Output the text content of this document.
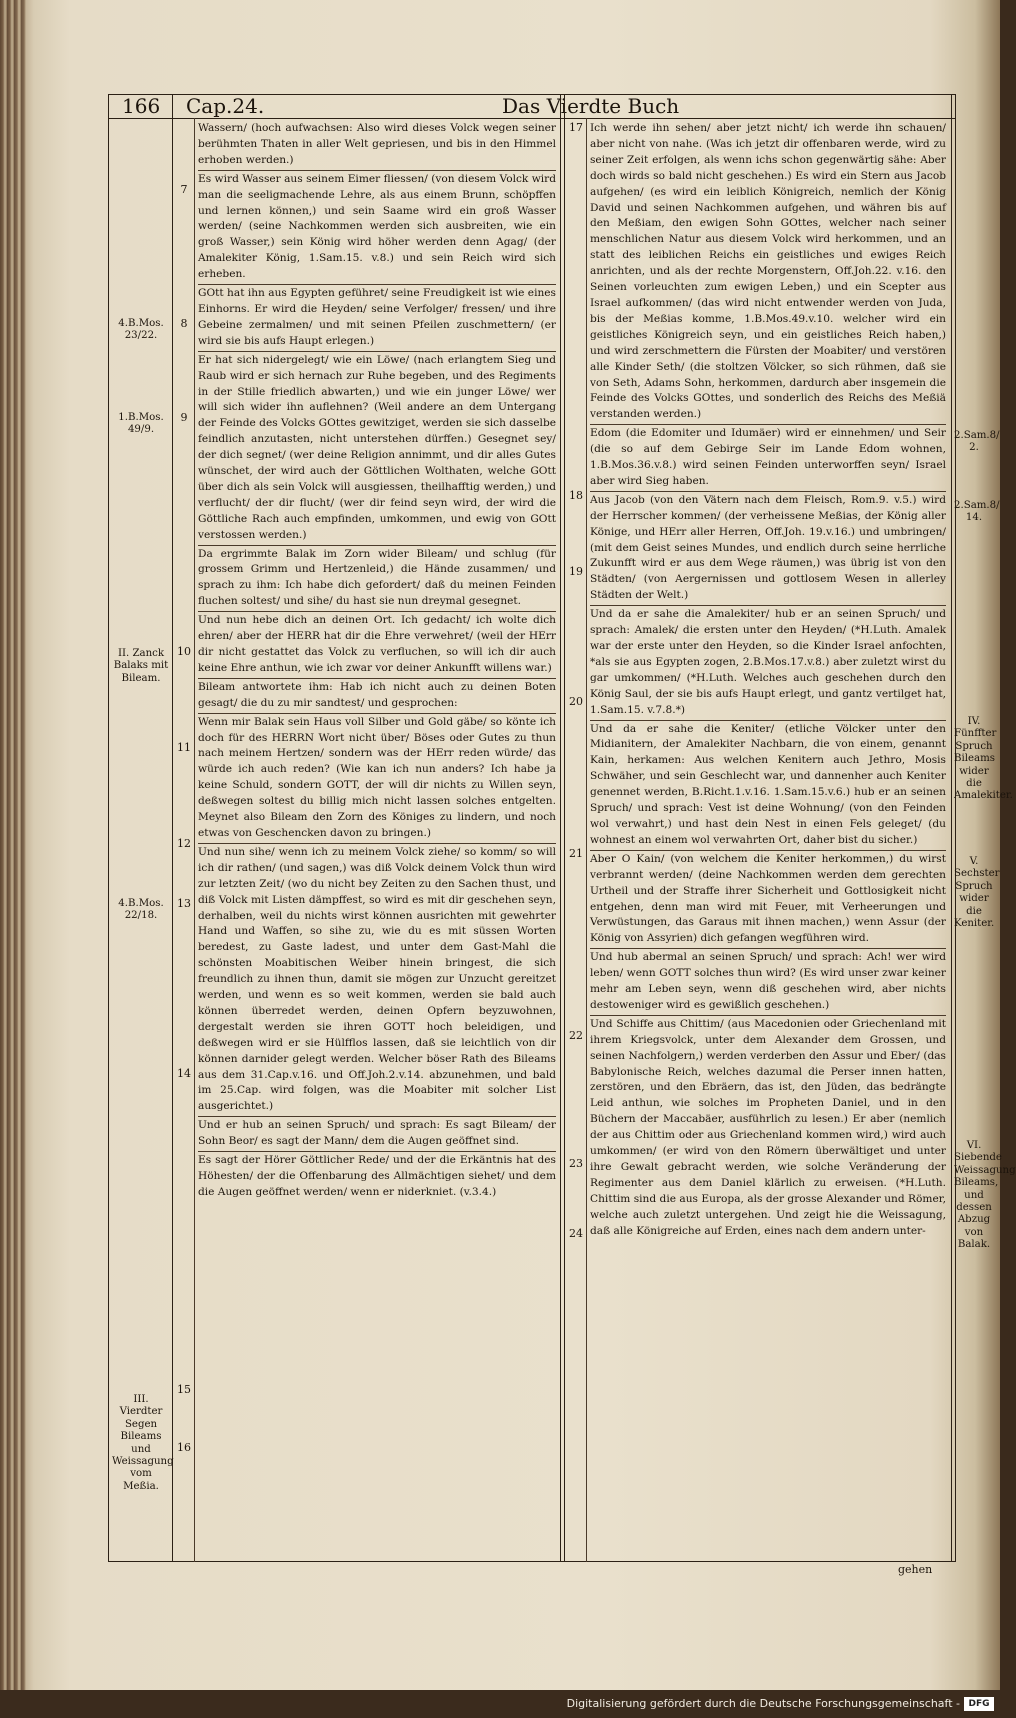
166 Cap.24.	Das Vierdte Buch
4.B.Mos. 23/22.
1.B.Mos. 49/9.
II. Zanck Balaks mit Bileam.
4.B.Mos. 22/18.
III. Vierdter Segen Bileams und Weissagung vom Meßia.
2.Sam.8/ 2.
2.Sam.8/ 14.
IV. Fünffter Spruch Bileams wider die Amalekiter.
V. Sechster Spruch wider die Keniter.
VI. Siebende Weissagung Bileams, und dessen Abzug von Balak.
7
8
9
10
11
12
13
14
15
16
17
18
19
20
21
22
23
24

Wassern/ (hoch aufwachsen: Also wird dieses Volck wegen seiner berühmten Thaten in aller Welt gepriesen, und bis in den Himmel erhoben werden.)

Es wird Wasser aus seinem Eimer fliessen/ (von diesem Volck wird man die seeligmachende Lehre, als aus einem Brunn, schöpffen und lernen können,) und sein Saame wird ein groß Wasser werden/ (seine Nachkommen werden sich ausbreiten, wie ein groß Wasser,) sein König wird höher werden denn Agag/ (der Amalekiter König, 1.Sam.15. v.8.) und sein Reich wird sich erheben.

GOtt hat ihn aus Egypten geführet/ seine Freudigkeit ist wie eines Einhorns. Er wird die Heyden/ seine Verfolger/ fressen/ und ihre Gebeine zermalmen/ und mit seinen Pfeilen zuschmettern/ (er wird sie bis aufs Haupt erlegen.)

Er hat sich nidergelegt/ wie ein Löwe/ (nach erlangtem Sieg und Raub wird er sich hernach zur Ruhe begeben, und des Regiments in der Stille friedlich abwarten,) und wie ein junger Löwe/ wer will sich wider ihn auflehnen? (Weil andere an dem Untergang der Feinde des Volcks GOttes gewitziget, werden sie sich dasselbe feindlich anzutasten, nicht unterstehen dürffen.) Gesegnet sey/ der dich segnet/ (wer deine Religion annimmt, und dir alles Gutes wünschet, der wird auch der Göttlichen Wolthaten, welche GOtt über dich als sein Volck will ausgiessen, theilhafftig werden,) und verflucht/ der dir flucht/ (wer dir feind seyn wird, der wird die Göttliche Rach auch empfinden, umkommen, und ewig von GOtt verstossen werden.)

Da ergrimmte Balak im Zorn wider Bileam/ und schlug (für grossem Grimm und Hertzenleid,) die Hände zusammen/ und sprach zu ihm: Ich habe dich gefordert/ daß du meinen Feinden fluchen soltest/ und sihe/ du hast sie nun dreymal gesegnet.

Und nun hebe dich an deinen Ort. Ich gedacht/ ich wolte dich ehren/ aber der HERR hat dir die Ehre verwehret/ (weil der HErr dir nicht gestattet das Volck zu verfluchen, so will ich dir auch keine Ehre anthun, wie ich zwar vor deiner Ankunfft willens war.)

Bileam antwortete ihm: Hab ich nicht auch zu deinen Boten gesagt/ die du zu mir sandtest/ und gesprochen:

Wenn mir Balak sein Haus voll Silber und Gold gäbe/ so könte ich doch für des HERRN Wort nicht über/ Böses oder Gutes zu thun nach meinem Hertzen/ sondern was der HErr reden würde/ das würde ich auch reden? (Wie kan ich nun anders? Ich habe ja keine Schuld, sondern GOTT, der will dir nichts zu Willen seyn, deßwegen soltest du billig mich nicht lassen solches entgelten. Meynet also Bileam den Zorn des Königes zu lindern, und noch etwas von Geschencken davon zu bringen.)

Und nun sihe/ wenn ich zu meinem Volck ziehe/ so komm/ so will ich dir rathen/ (und sagen,) was diß Volck deinem Volck thun wird zur letzten Zeit/ (wo du nicht bey Zeiten zu den Sachen thust, und diß Volck mit Listen dämpffest, so wird es mit dir geschehen seyn, derhalben, weil du nichts wirst können ausrichten mit gewehrter Hand und Waffen, so sihe zu, wie du es mit süssen Worten beredest, zu Gaste ladest, und unter dem Gast-Mahl die schönsten Moabitischen Weiber hinein bringest, die sich freundlich zu ihnen thun, damit sie mögen zur Unzucht gereitzet werden, und wenn es so weit kommen, werden sie bald auch können überredet werden, deinen Opfern beyzuwohnen, dergestalt werden sie ihren GOTT hoch beleidigen, und deßwegen wird er sie Hülfflos lassen, daß sie leichtlich von dir können darnider gelegt werden. Welcher böser Rath des Bileams aus dem 31.Cap.v.16. und Off.Joh.2.v.14. abzunehmen, und bald im 25.Cap. wird folgen, was die Moabiter mit solcher List ausgerichtet.)

Und er hub an seinen Spruch/ und sprach: Es sagt Bileam/ der Sohn Beor/ es sagt der Mann/ dem die Augen geöffnet sind.

Es sagt der Hörer Göttlicher Rede/ und der die Erkäntnis hat des Höhesten/ der die Offenbarung des Allmächtigen siehet/ und dem die Augen geöffnet werden/ wenn er niderkniet. (v.3.4.)

Ich werde ihn sehen/ aber jetzt nicht/ ich werde ihn schauen/ aber nicht von nahe. (Was ich jetzt dir offenbaren werde, wird zu seiner Zeit erfolgen, als wenn ichs schon gegenwärtig sähe: Aber doch wirds so bald nicht geschehen.) Es wird ein Stern aus Jacob aufgehen/ (es wird ein leiblich Königreich, nemlich der König David und seinen Nachkommen aufgehen, und währen bis auf den Meßiam, den ewigen Sohn GOttes, welcher nach seiner menschlichen Natur aus diesem Volck wird herkommen, und an statt des leiblichen Reichs ein geistliches und ewiges Reich anrichten, und als der rechte Morgenstern, Off.Joh.22. v.16. den Seinen vorleuchten zum ewigen Leben,) und ein Scepter aus Israel aufkommen/ (das wird nicht entwender werden von Juda, bis der Meßias komme, 1.B.Mos.49.v.10. welcher wird ein geistliches Königreich seyn, und ein geistliches Reich haben,) und wird zerschmettern die Fürsten der Moabiter/ und verstören alle Kinder Seth/ (die stoltzen Völcker, so sich rühmen, daß sie von Seth, Adams Sohn, herkommen, dardurch aber insgemein die Feinde des Volcks GOttes, und sonderlich des Reichs des Meßiä verstanden werden.)

Edom (die Edomiter und Idumäer) wird er einnehmen/ und Seir (die so auf dem Gebirge Seir im Lande Edom wohnen, 1.B.Mos.36.v.8.) wird seinen Feinden unterworffen seyn/ Israel aber wird Sieg haben.

Aus Jacob (von den Vätern nach dem Fleisch, Rom.9. v.5.) wird der Herrscher kommen/ (der verheissene Meßias, der König aller Könige, und HErr aller Herren, Off.Joh. 19.v.16.) und umbringen/ (mit dem Geist seines Mundes, und endlich durch seine herrliche Zukunfft wird er aus dem Wege räumen,) was übrig ist von den Städten/ (von Aergernissen und gottlosem Wesen in allerley Städten der Welt.)

Und da er sahe die Amalekiter/ hub er an seinen Spruch/ und sprach: Amalek/ die ersten unter den Heyden/ (*H.Luth. Amalek war der erste unter den Heyden, so die Kinder Israel anfochten, *als sie aus Egypten zogen, 2.B.Mos.17.v.8.) aber zuletzt wirst du gar umkommen/ (*H.Luth. Welches auch geschehen durch den König Saul, der sie bis aufs Haupt erlegt, und gantz vertilget hat, 1.Sam.15. v.7.8.*)

Und da er sahe die Keniter/ (etliche Völcker unter den Midianitern, der Amalekiter Nachbarn, die von einem, genannt Kain, herkamen: Aus welchen Kenitern auch Jethro, Mosis Schwäher, und sein Geschlecht war, und dannenher auch Keniter genennet werden, B.Richt.1.v.16. 1.Sam.15.v.6.) hub er an seinen Spruch/ und sprach: Vest ist deine Wohnung/ (von den Feinden wol verwahrt,) und hast dein Nest in einen Fels geleget/ (du wohnest an einem wol verwahrten Ort, daher bist du sicher.)

Aber O Kain/ (von welchem die Keniter herkommen,) du wirst verbrannt werden/ (deine Nachkommen werden dem gerechten Urtheil und der Straffe ihrer Sicherheit und Gottlosigkeit nicht entgehen, denn man wird mit Feuer, mit Verheerungen und Verwüstungen, das Garaus mit ihnen machen,) wenn Assur (der König von Assyrien) dich gefangen wegführen wird.

Und hub abermal an seinen Spruch/ und sprach: Ach! wer wird leben/ wenn GOTT solches thun wird? (Es wird unser zwar keiner mehr am Leben seyn, wenn diß geschehen wird, aber nichts destoweniger wird es gewißlich geschehen.)

Und Schiffe aus Chittim/ (aus Macedonien oder Griechenland mit ihrem Kriegsvolck, unter dem Alexander dem Grossen, und seinen Nachfolgern,) werden verderben den Assur und Eber/ (das Babylonische Reich, welches dazumal die Perser innen hatten, zerstören, und den Ebräern, das ist, den Jüden, das bedrängte Leid anthun, wie solches im Propheten Daniel, und in den Büchern der Maccabäer, ausführlich zu lesen.) Er aber (nemlich der aus Chittim oder aus Griechenland kommen wird,) wird auch umkommen/ (er wird von den Römern überwältiget und unter ihre Gewalt gebracht werden, wie solche Veränderung der Regimenter aus dem Daniel klärlich zu erweisen. (*H.Luth. Chittim sind die aus Europa, als der grosse Alexander und Römer, welche auch zuletzt untergehen. Und zeigt hie die Weissagung, daß alle Königreiche auf Erden, eines nach dem andern unter-

gehen
Digitalisierung gefördert durch die Deutsche Forschungsgemeinschaft - DFG
